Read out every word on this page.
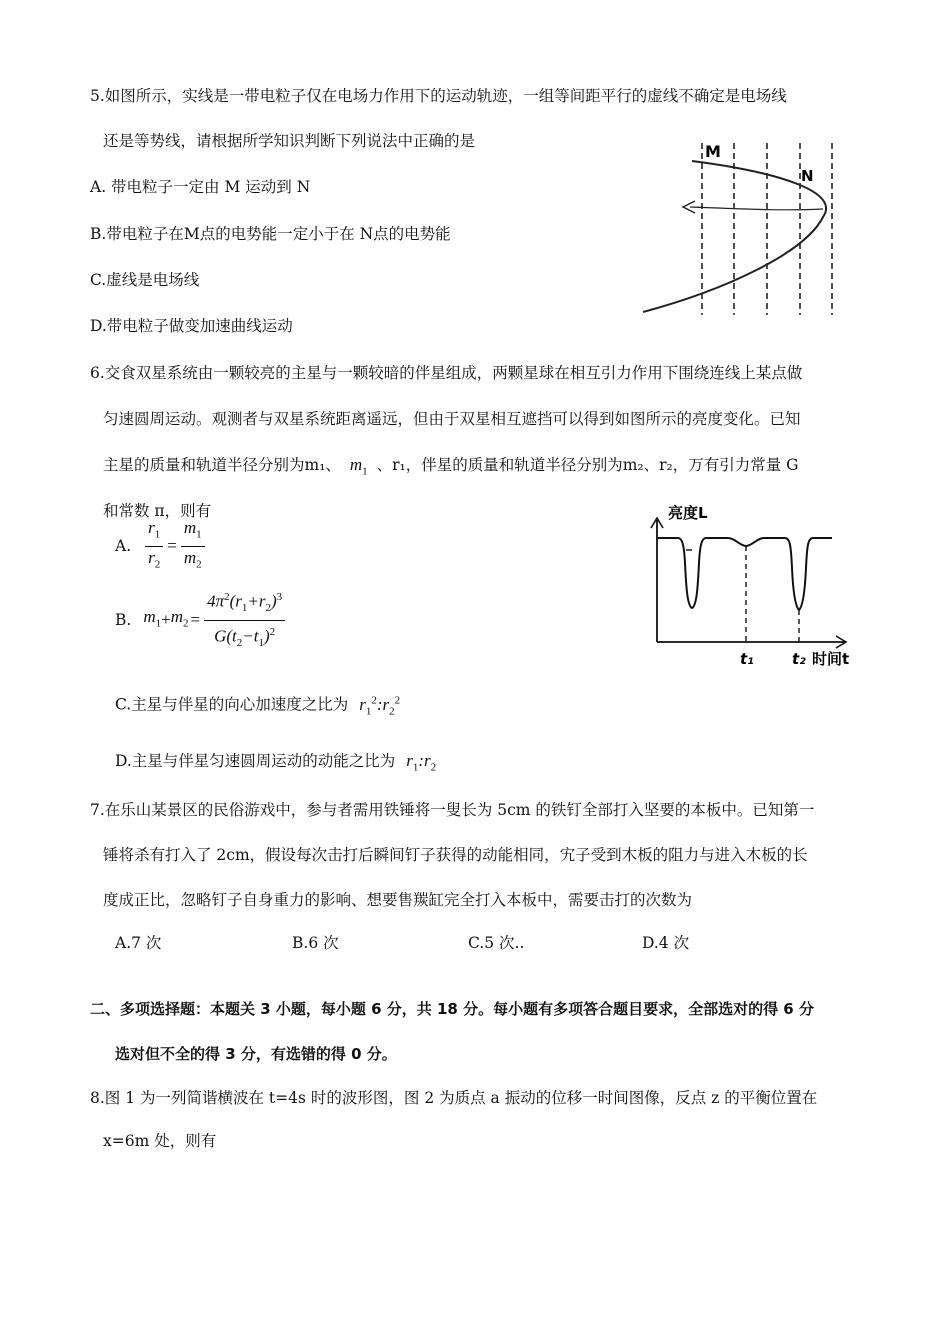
5.如图所示，实线是一带电粒子仅在电场力作用下的运动轨迹，一组等间距平行的虚线不确定是电场线
还是等势线，请根据所学知识判断下列说法中正确的是
A. 带电粒子一定由 M 运动到 N
B.带电粒子在M点的电势能一定小于在 N点的电势能
C.虚线是电场线
D.带电粒子做变加速曲线运动
M
N
6.交食双星系统由一颗较亮的主星与一颗较暗的伴星组成，两颗星球在相互引力作用下围绕连线上某点做
匀速圆周运动。观测者与双星系统距离遥远，但由于双星相互遮挡可以得到如图所示的亮度变化。已知
主星的质量和轨道半径分别为m₁、 $m_1$ 、r₁，伴星的质量和轨道半径分别为m₂、r₂，万有引力常量 G
和常数 π，则有
A. $\frac{r_1}{r_2} = \frac{m_1}{m_2}$
B. $m_1 + m_2 = \frac{4\pi^2(r_1+r_2)^3}{G(t_2-t_1)^2}$
C.主星与伴星的向心加速度之比为 $r_1^2:r_2^2$
D.主星与伴星匀速圆周运动的动能之比为 $r_1:r_2$
亮度L
t₁	t₂ 时间t
7.在乐山某景区的民俗游戏中，参与者需用铁锤将一叟长为 5cm 的铁钉全部打入坚要的本板中。已知第一
锤将杀有打入了 2cm，假设每次击打后瞬间钉子获得的动能相同，宄子受到木板的阻力与进入木板的长
度成正比，忽略钉子自身重力的影响、想要售羰缸完全打入本板中，需要击打的次数为
A.7 次	B.6 次	C.5 次..	D.4 次
二、多项选择题：本题关 3 小题，每小题 6 分，共 18 分。每小题有多项答合题目要求，全部选对的得 6 分
选对但不全的得 3 分，有选错的得 0 分。
8.图 1 为一列简谐横波在 t=4s 时的波形图，图 2 为质点 a 振动的位移一时间图像，反点 z 的平衡位置在
x=6m 处，则有
